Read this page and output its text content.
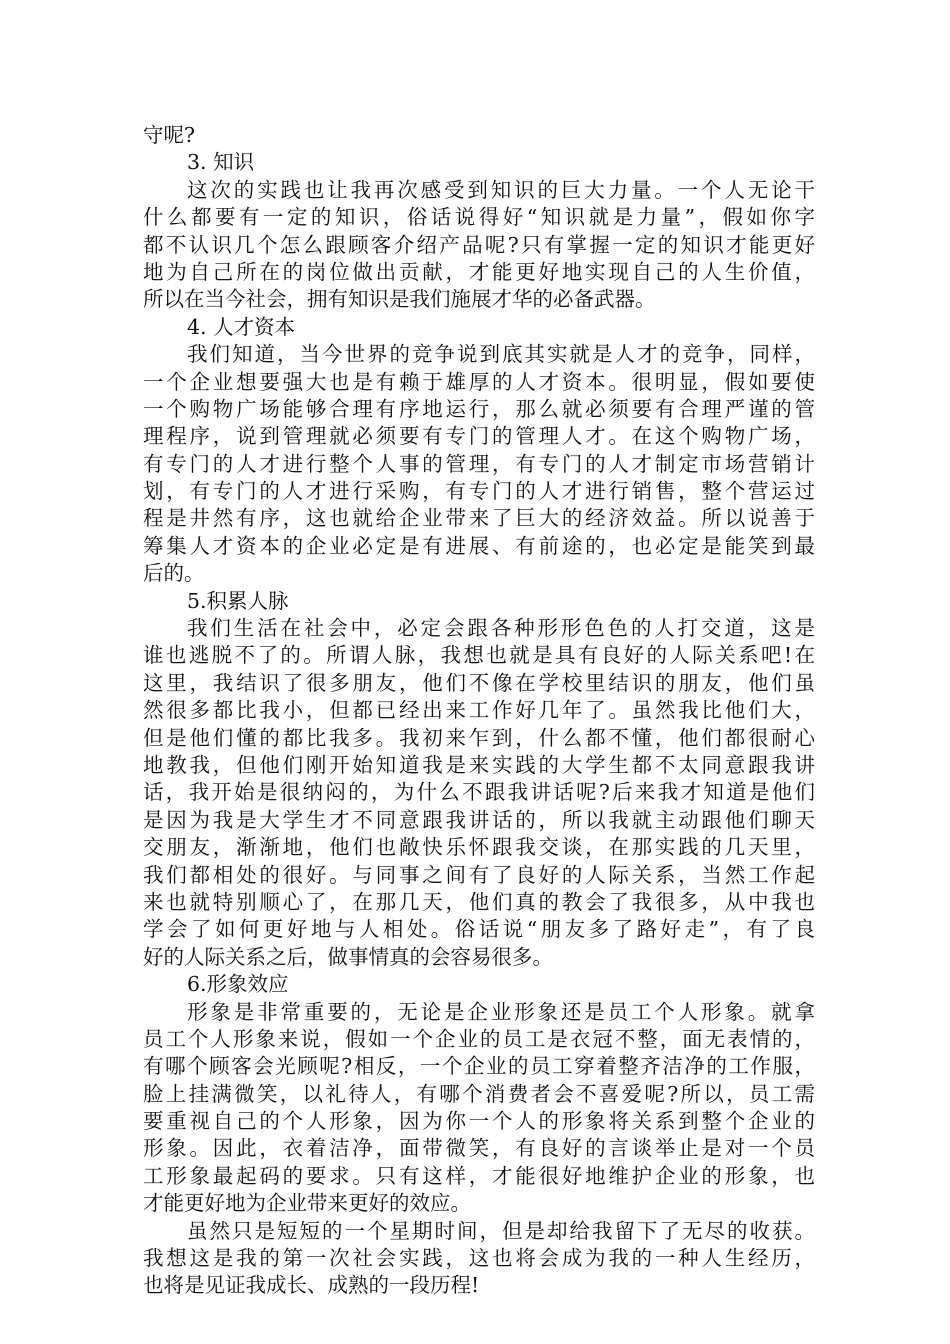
守呢?
3. 知识
这次的实践也让我再次感受到知识的巨大力量。一个人无论干
什么都要有一定的知识，俗话说得好“知识就是力量”，假如你字
都不认识几个怎么跟顾客介绍产品呢?只有掌握一定的知识才能更好
地为自己所在的岗位做出贡献，才能更好地实现自己的人生价值，
所以在当今社会，拥有知识是我们施展才华的必备武器。
4. 人才资本
我们知道，当今世界的竞争说到底其实就是人才的竞争，同样，
一个企业想要强大也是有赖于雄厚的人才资本。很明显，假如要使
一个购物广场能够合理有序地运行，那么就必须要有合理严谨的管
理程序，说到管理就必须要有专门的管理人才。在这个购物广场，
有专门的人才进行整个人事的管理，有专门的人才制定市场营销计
划，有专门的人才进行采购，有专门的人才进行销售，整个营运过
程是井然有序，这也就给企业带来了巨大的经济效益。所以说善于
筹集人才资本的企业必定是有进展、有前途的，也必定是能笑到最
后的。
5.积累人脉
我们生活在社会中，必定会跟各种形形色色的人打交道，这是
谁也逃脱不了的。所谓人脉，我想也就是具有良好的人际关系吧!在
这里，我结识了很多朋友，他们不像在学校里结识的朋友，他们虽
然很多都比我小，但都已经出来工作好几年了。虽然我比他们大，
但是他们懂的都比我多。我初来乍到，什么都不懂，他们都很耐心
地教我，但他们刚开始知道我是来实践的大学生都不太同意跟我讲
话，我开始是很纳闷的，为什么不跟我讲话呢?后来我才知道是他们
是因为我是大学生才不同意跟我讲话的，所以我就主动跟他们聊天
交朋友，渐渐地，他们也敞快乐怀跟我交谈，在那实践的几天里，
我们都相处的很好。与同事之间有了良好的人际关系，当然工作起
来也就特别顺心了，在那几天，他们真的教会了我很多，从中我也
学会了如何更好地与人相处。俗话说“朋友多了路好走”，有了良
好的人际关系之后，做事情真的会容易很多。
6.形象效应
形象是非常重要的，无论是企业形象还是员工个人形象。就拿
员工个人形象来说，假如一个企业的员工是衣冠不整，面无表情的，
有哪个顾客会光顾呢?相反，一个企业的员工穿着整齐洁净的工作服，
脸上挂满微笑，以礼待人，有哪个消费者会不喜爱呢?所以，员工需
要重视自己的个人形象，因为你一个人的形象将关系到整个企业的
形象。因此，衣着洁净，面带微笑，有良好的言谈举止是对一个员
工形象最起码的要求。只有这样，才能很好地维护企业的形象，也
才能更好地为企业带来更好的效应。
虽然只是短短的一个星期时间，但是却给我留下了无尽的收获。
我想这是我的第一次社会实践，这也将会成为我的一种人生经历，
也将是见证我成长、成熟的一段历程!
